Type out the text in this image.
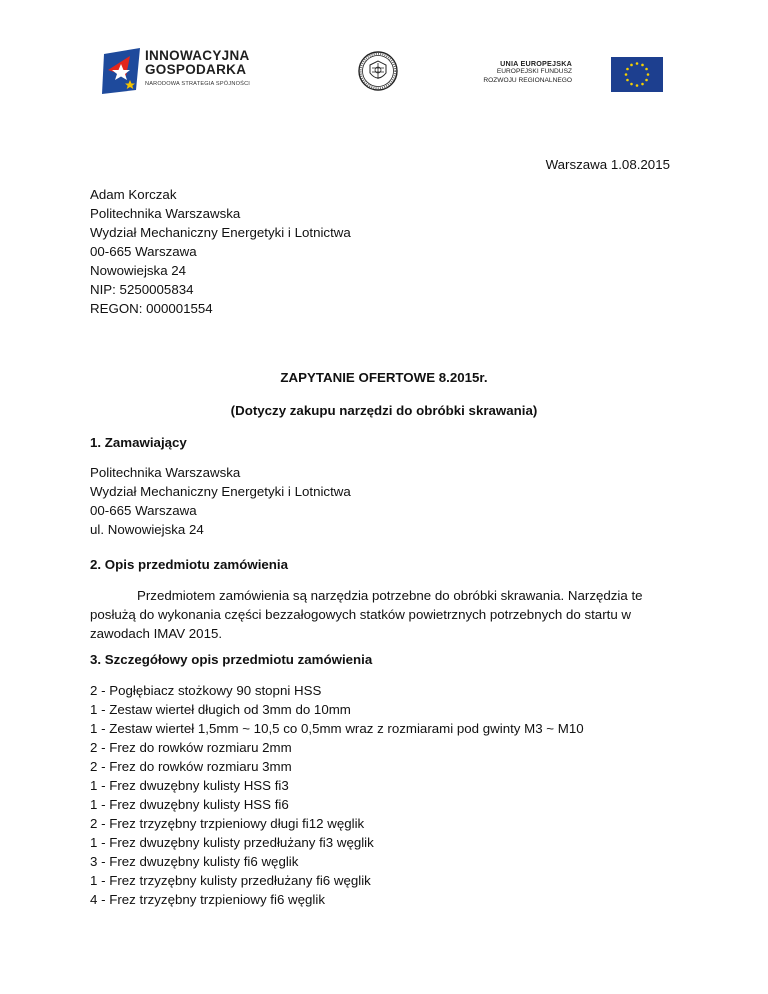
INNOWACYJNA
GOSPODARKA
NARODOWA STRATEGIA SPÓJNOŚCI
UNIA EUROPEJSKA
EUROPEJSKI FUNDUSZ
ROZWOJU REGIONALNEGO
Warszawa 1.08.2015
Adam Korczak
Politechnika Warszawska
Wydział Mechaniczny Energetyki i Lotnictwa
00-665 Warszawa
Nowowiejska 24
NIP: 5250005834
REGON: 000001554
ZAPYTANIE OFERTOWE 8.2015r.
(Dotyczy zakupu narzędzi do obróbki skrawania)
1. Zamawiający
Politechnika Warszawska
Wydział Mechaniczny Energetyki i Lotnictwa
00-665 Warszawa
ul. Nowowiejska 24
2. Opis przedmiotu zamówienia
Przedmiotem zamówienia są narzędzia potrzebne do obróbki skrawania. Narzędzia te posłużą do wykonania części bezzałogowych statków powietrznych potrzebnych do startu w zawodach IMAV 2015.
3. Szczegółowy opis przedmiotu zamówienia
2 - Pogłębiacz stożkowy 90 stopni HSS
1 - Zestaw wierteł długich od 3mm do 10mm
1 - Zestaw wierteł 1,5mm ~ 10,5 co 0,5mm wraz z rozmiarami pod gwinty M3 ~ M10
2 - Frez do rowków rozmiaru 2mm
2 - Frez do rowków rozmiaru 3mm
1 - Frez dwuzębny kulisty HSS fi3
1 - Frez dwuzębny kulisty HSS fi6
2 - Frez trzyzębny trzpieniowy długi fi12 węglik
1 - Frez dwuzębny kulisty przedłużany fi3 węglik
3 - Frez dwuzębny kulisty fi6 węglik
1 - Frez trzyzębny kulisty przedłużany fi6 węglik
4 - Frez trzyzębny trzpieniowy fi6 węglik
